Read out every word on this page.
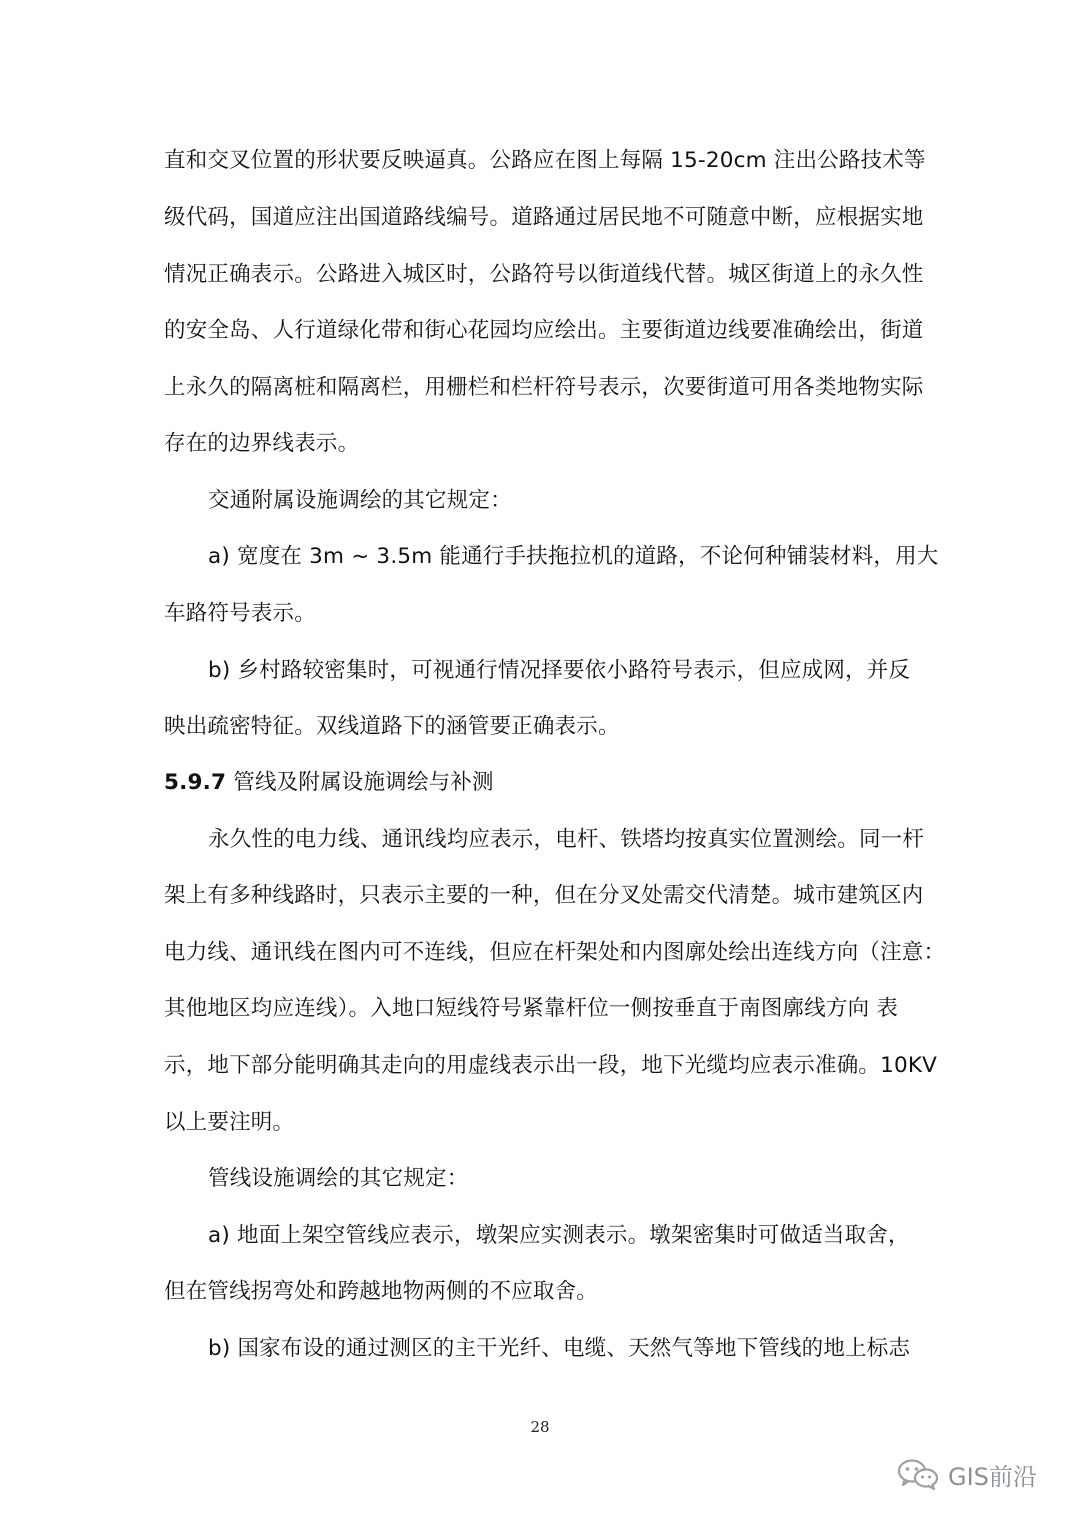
直和交叉位置的形状要反映逼真。公路应在图上每隔 15-20cm 注出公路技术等
级代码，国道应注出国道路线编号。道路通过居民地不可随意中断，应根据实地
情况正确表示。公路进入城区时，公路符号以街道线代替。城区街道上的永久性
的安全岛、人行道绿化带和街心花园均应绘出。主要街道边线要准确绘出，街道
上永久的隔离桩和隔离栏，用栅栏和栏杆符号表示，次要街道可用各类地物实际
存在的边界线表示。
交通附属设施调绘的其它规定：
a) 宽度在 3m ~ 3.5m 能通行手扶拖拉机的道路，不论何种铺装材料，用大
车路符号表示。
b) 乡村路较密集时，可视通行情况择要依小路符号表示，但应成网，并反
映出疏密特征。双线道路下的涵管要正确表示。
5.9.7 管线及附属设施调绘与补测
永久性的电力线、通讯线均应表示，电杆、铁塔均按真实位置测绘。同一杆
架上有多种线路时，只表示主要的一种，但在分叉处需交代清楚。城市建筑区内
电力线、通讯线在图内可不连线，但应在杆架处和内图廓处绘出连线方向（注意：
其他地区均应连线）。入地口短线符号紧靠杆位一侧按垂直于南图廓线方向 表
示，地下部分能明确其走向的用虚线表示出一段，地下光缆均应表示准确。10KV
以上要注明。
管线设施调绘的其它规定：
a) 地面上架空管线应表示，墩架应实测表示。墩架密集时可做适当取舍，
但在管线拐弯处和跨越地物两侧的不应取舍。
b) 国家布设的通过测区的主干光纤、电缆、天然气等地下管线的地上标志
28
GIS前沿
